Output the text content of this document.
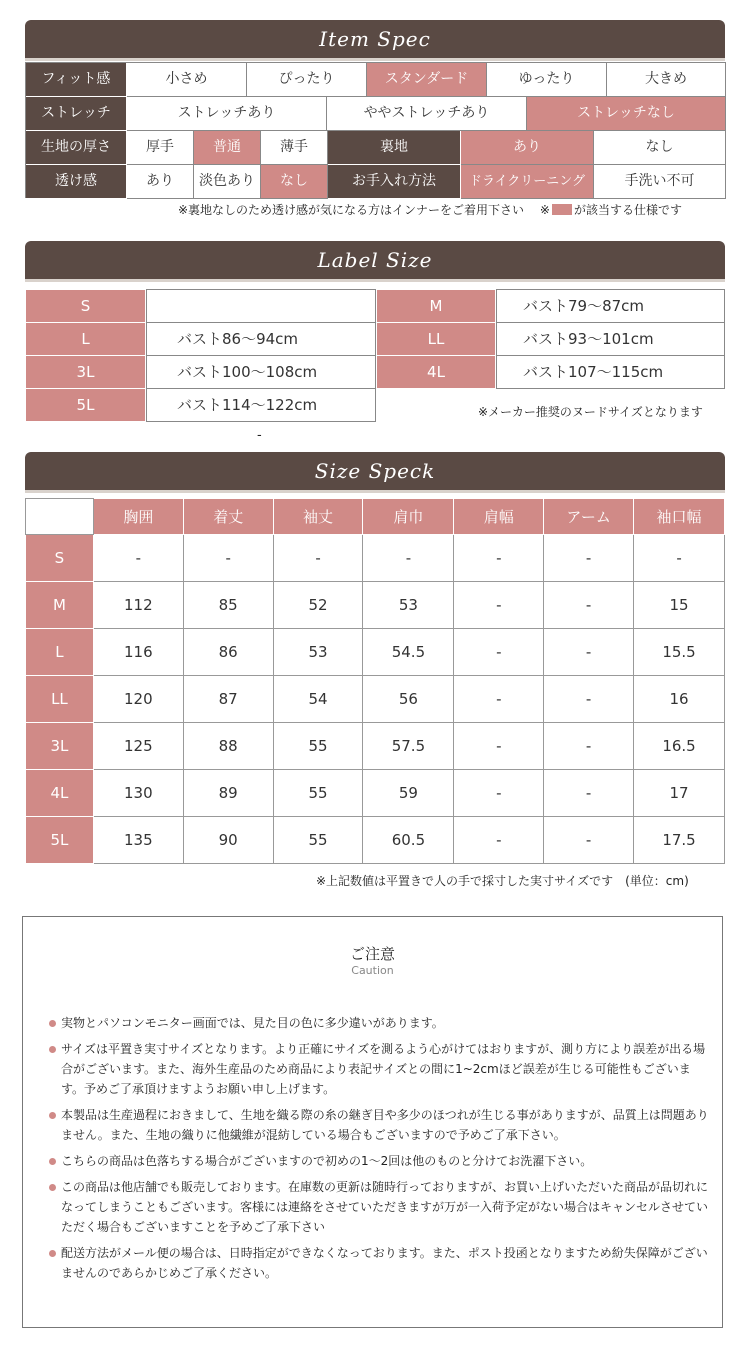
Item Spec
フィット感	小さめ	ぴったり	スタンダード	ゆったり	大きめ
ストレッチ	ストレッチあり	ややストレッチあり	ストレッチなし
生地の厚さ	厚手	普通	薄手	裏地	あり	なし
透け感	あり	淡色あり	なし	お手入れ方法	ドライクリーニング	手洗い不可
※裏地なしのため透け感が気になる方はインナーをご着用下さい ※ が該当する仕様です
Label Size
S
L	バスト86～94cm
3L	バスト100～108cm
5L	バスト114～122cm
M	バスト79～87cm
LL	バスト93～101cm
4L	バスト107～115cm
※メーカー推奨のヌードサイズとなります
-
Size Speck
	胸囲	着丈	袖丈	肩巾	肩幅	アーム	袖口幅
S	-	-	-	-	-	-	-
M	112	85	52	53	-	-	15
L	116	86	53	54.5	-	-	15.5
LL	120	87	54	56	-	-	16
3L	125	88	55	57.5	-	-	16.5
4L	130	89	55	59	-	-	17
5L	135	90	55	60.5	-	-	17.5
※上記数値は平置きで人の手で採寸した実寸サイズです　(単位：cm)
ご注意
Caution
実物とパソコンモニター画面では、見た目の色に多少違いがあります。
サイズは平置き実寸サイズとなります。より正確にサイズを測るよう心がけてはおりますが、測り方により誤差が出る場合がございます。また、海外生産品のため商品により表記サイズとの間に1~2cmほど誤差が生じる可能性もございます。予めご了承頂けますようお願い申し上げます。
本製品は生産過程におきまして、生地を織る際の糸の継ぎ目や多少のほつれが生じる事がありますが、品質上は問題ありません。また、生地の織りに他繊維が混紡している場合もございますので予めご了承下さい。
こちらの商品は色落ちする場合がございますので初めの1～2回は他のものと分けてお洗濯下さい。
この商品は他店舗でも販売しております。在庫数の更新は随時行っておりますが、お買い上げいただいた商品が品切れになってしまうこともございます。客様には連絡をさせていただきますが万が一入荷予定がない場合はキャンセルさせていただく場合もございますことを予めご了承下さい
配送方法がメール便の場合は、日時指定ができなくなっております。また、ポスト投函となりますため紛失保障がございませんのであらかじめご了承ください。
